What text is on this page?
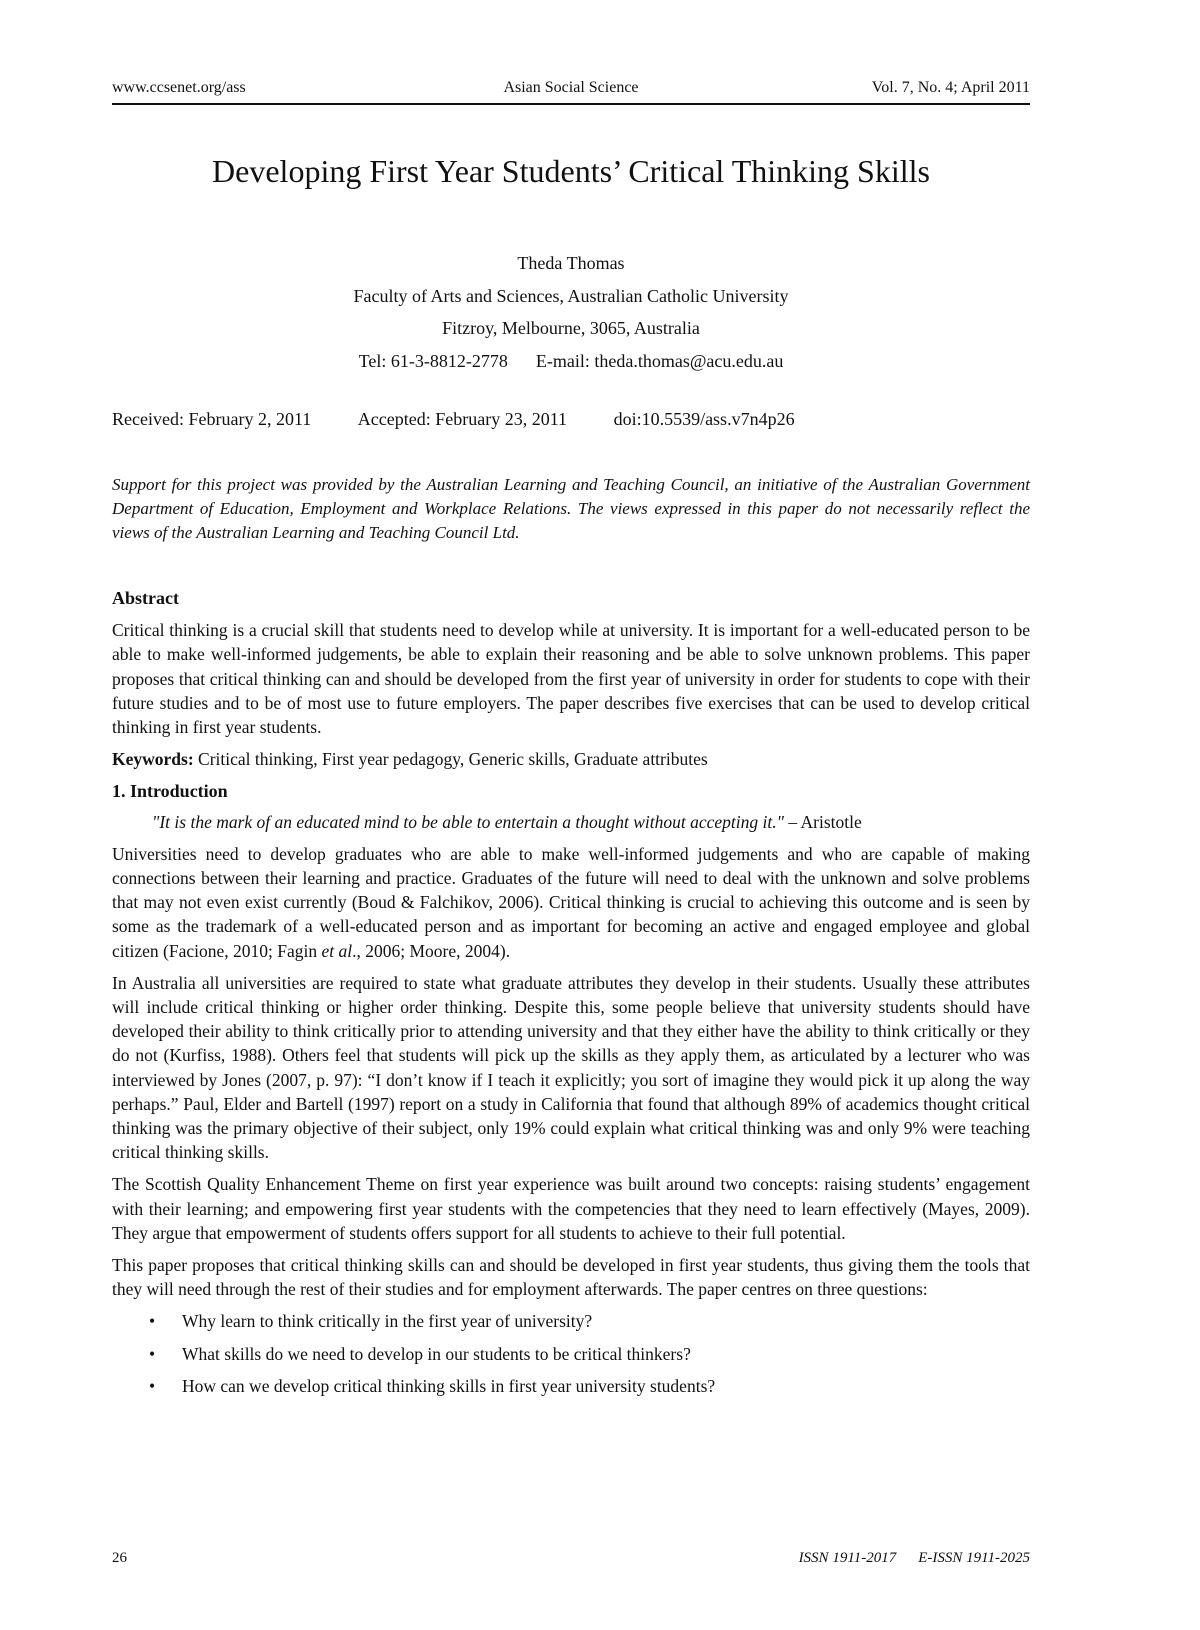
www.ccsenet.org/ass	Asian Social Science	Vol. 7, No. 4; April 2011
Developing First Year Students’ Critical Thinking Skills
Theda Thomas
Faculty of Arts and Sciences, Australian Catholic University
Fitzroy, Melbourne, 3065, Australia
Tel: 61-3-8812-2778 E-mail: theda.thomas@acu.edu.au
Received: February 2, 2011	Accepted: February 23, 2011	doi:10.5539/ass.v7n4p26
Support for this project was provided by the Australian Learning and Teaching Council, an initiative of the Australian Government Department of Education, Employment and Workplace Relations. The views expressed in this paper do not necessarily reflect the views of the Australian Learning and Teaching Council Ltd.
Abstract

Critical thinking is a crucial skill that students need to develop while at university. It is important for a well-educated person to be able to make well-informed judgements, be able to explain their reasoning and be able to solve unknown problems. This paper proposes that critical thinking can and should be developed from the first year of university in order for students to cope with their future studies and to be of most use to future employers. The paper describes five exercises that can be used to develop critical thinking in first year students.

Keywords: Critical thinking, First year pedagogy, Generic skills, Graduate attributes

1. Introduction

"It is the mark of an educated mind to be able to entertain a thought without accepting it." – Aristotle

Universities need to develop graduates who are able to make well-informed judgements and who are capable of making connections between their learning and practice. Graduates of the future will need to deal with the unknown and solve problems that may not even exist currently (Boud & Falchikov, 2006). Critical thinking is crucial to achieving this outcome and is seen by some as the trademark of a well-educated person and as important for becoming an active and engaged employee and global citizen (Facione, 2010; Fagin et al., 2006; Moore, 2004).

In Australia all universities are required to state what graduate attributes they develop in their students. Usually these attributes will include critical thinking or higher order thinking. Despite this, some people believe that university students should have developed their ability to think critically prior to attending university and that they either have the ability to think critically or they do not (Kurfiss, 1988). Others feel that students will pick up the skills as they apply them, as articulated by a lecturer who was interviewed by Jones (2007, p. 97): “I don’t know if I teach it explicitly; you sort of imagine they would pick it up along the way perhaps.” Paul, Elder and Bartell (1997) report on a study in California that found that although 89% of academics thought critical thinking was the primary objective of their subject, only 19% could explain what critical thinking was and only 9% were teaching critical thinking skills.

The Scottish Quality Enhancement Theme on first year experience was built around two concepts: raising students’ engagement with their learning; and empowering first year students with the competencies that they need to learn effectively (Mayes, 2009). They argue that empowerment of students offers support for all students to achieve to their full potential.

This paper proposes that critical thinking skills can and should be developed in first year students, thus giving them the tools that they will need through the rest of their studies and for employment afterwards. The paper centres on three questions:

• Why learn to think critically in the first year of university?
• What skills do we need to develop in our students to be critical thinkers?
• How can we develop critical thinking skills in first year university students?
26	ISSN 1911-2017 E-ISSN 1911-2025
